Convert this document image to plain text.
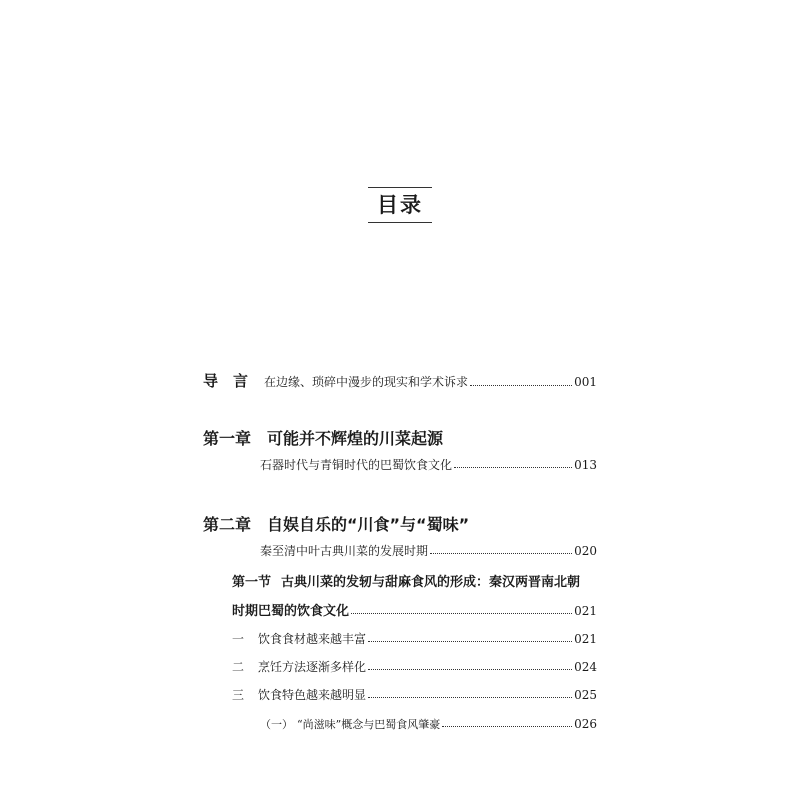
目录
导　言 在边缘、琐碎中漫步的现实和学术诉求	001
第一章 可能并不辉煌的川菜起源
石器时代与青铜时代的巴蜀饮食文化	013
第二章 自娱自乐的“川食”与“蜀味”
秦至清中叶古典川菜的发展时期	020
第一节 古典川菜的发轫与甜麻食风的形成：秦汉两晋南北朝
时期巴蜀的饮食文化	021
一 饮食食材越来越丰富	021
二 烹饪方法逐渐多样化	024
三 饮食特色越来越明显	025
（一） “尚滋味”概念与巴蜀食风肇豪	026
